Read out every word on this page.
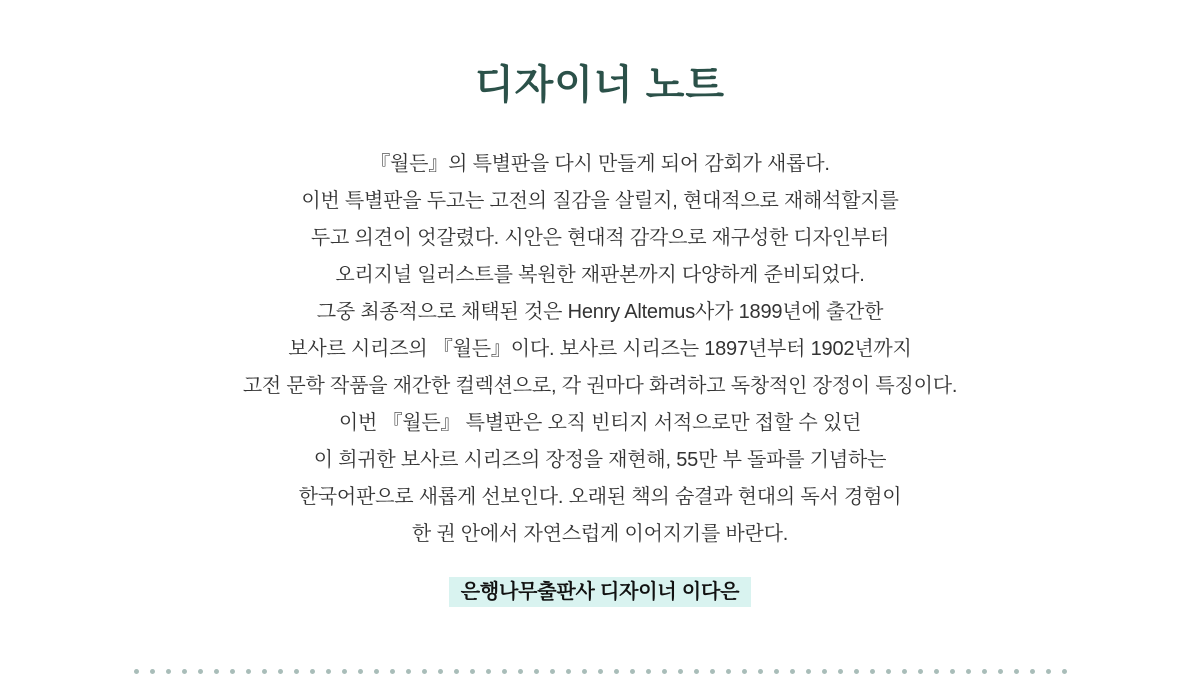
디자이너 노트

『월든』의 특별판을 다시 만들게 되어 감회가 새롭다.

이번 특별판을 두고는 고전의 질감을 살릴지, 현대적으로 재해석할지를

두고 의견이 엇갈렸다. 시안은 현대적 감각으로 재구성한 디자인부터

오리지널 일러스트를 복원한 재판본까지 다양하게 준비되었다.

그중 최종적으로 채택된 것은 Henry Altemus사가 1899년에 출간한

보사르 시리즈의 『월든』이다. 보사르 시리즈는 1897년부터 1902년까지

고전 문학 작품을 재간한 컬렉션으로, 각 권마다 화려하고 독창적인 장정이 특징이다.

이번 『월든』 특별판은 오직 빈티지 서적으로만 접할 수 있던

이 희귀한 보사르 시리즈의 장정을 재현해, 55만 부 돌파를 기념하는

한국어판으로 새롭게 선보인다. 오래된 책의 숨결과 현대의 독서 경험이

한 권 안에서 자연스럽게 이어지기를 바란다.

은행나무출판사 디자이너 이다은
